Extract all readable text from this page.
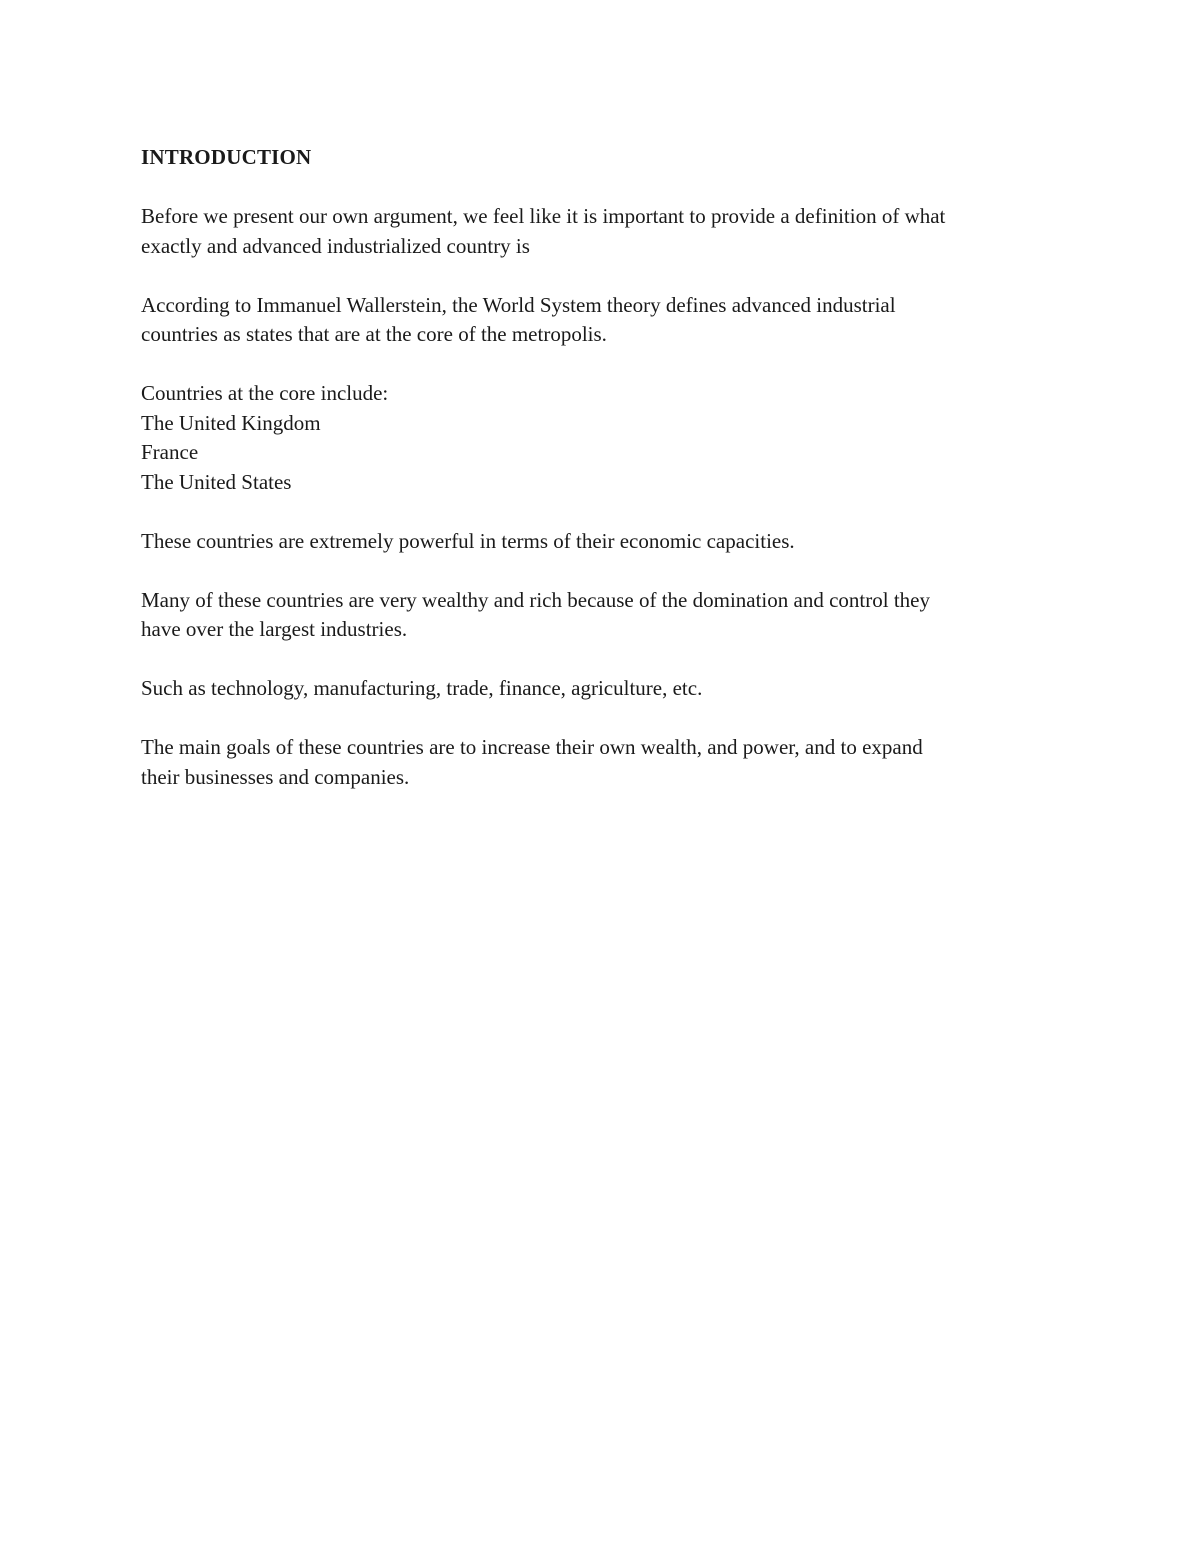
INTRODUCTION
Before we present our own argument, we feel like it is important to provide a definition of what
exactly and advanced industrialized country is
According to Immanuel Wallerstein, the World System theory defines advanced industrial
countries as states that are at the core of the metropolis.
Countries at the core include:
The United Kingdom
France
The United States
These countries are extremely powerful in terms of their economic capacities.
Many of these countries are very wealthy and rich because of the domination and control they
have over the largest industries.
Such as technology, manufacturing, trade, finance, agriculture, etc.
The main goals of these countries are to increase their own wealth, and power, and to expand
their businesses and companies.
